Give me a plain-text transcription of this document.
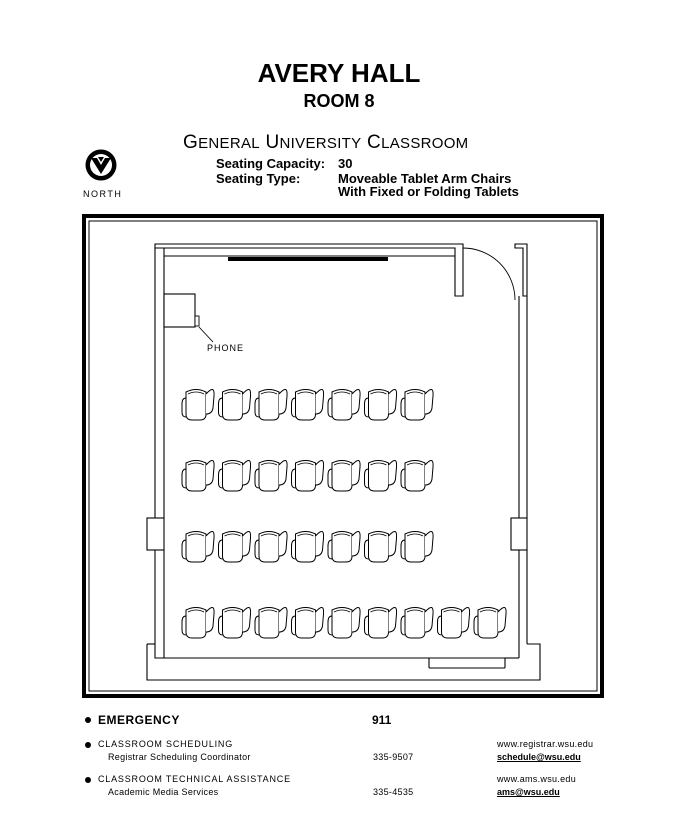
AVERY HALL
ROOM 8
GENERAL UNIVERSITY CLASSROOM
Seating Capacity: 30
Seating Type:	Moveable Tablet Arm Chairs
With Fixed or Folding Tablets
NORTH
PHONE
EMERGENCY	911
CLASSROOM SCHEDULING
Registrar Scheduling Coordinator	335-9507
www.registrar.wsu.edu
schedule@wsu.edu
CLASSROOM TECHNICAL ASSISTANCE
Academic Media Services	335-4535
www.ams.wsu.edu
ams@wsu.edu
